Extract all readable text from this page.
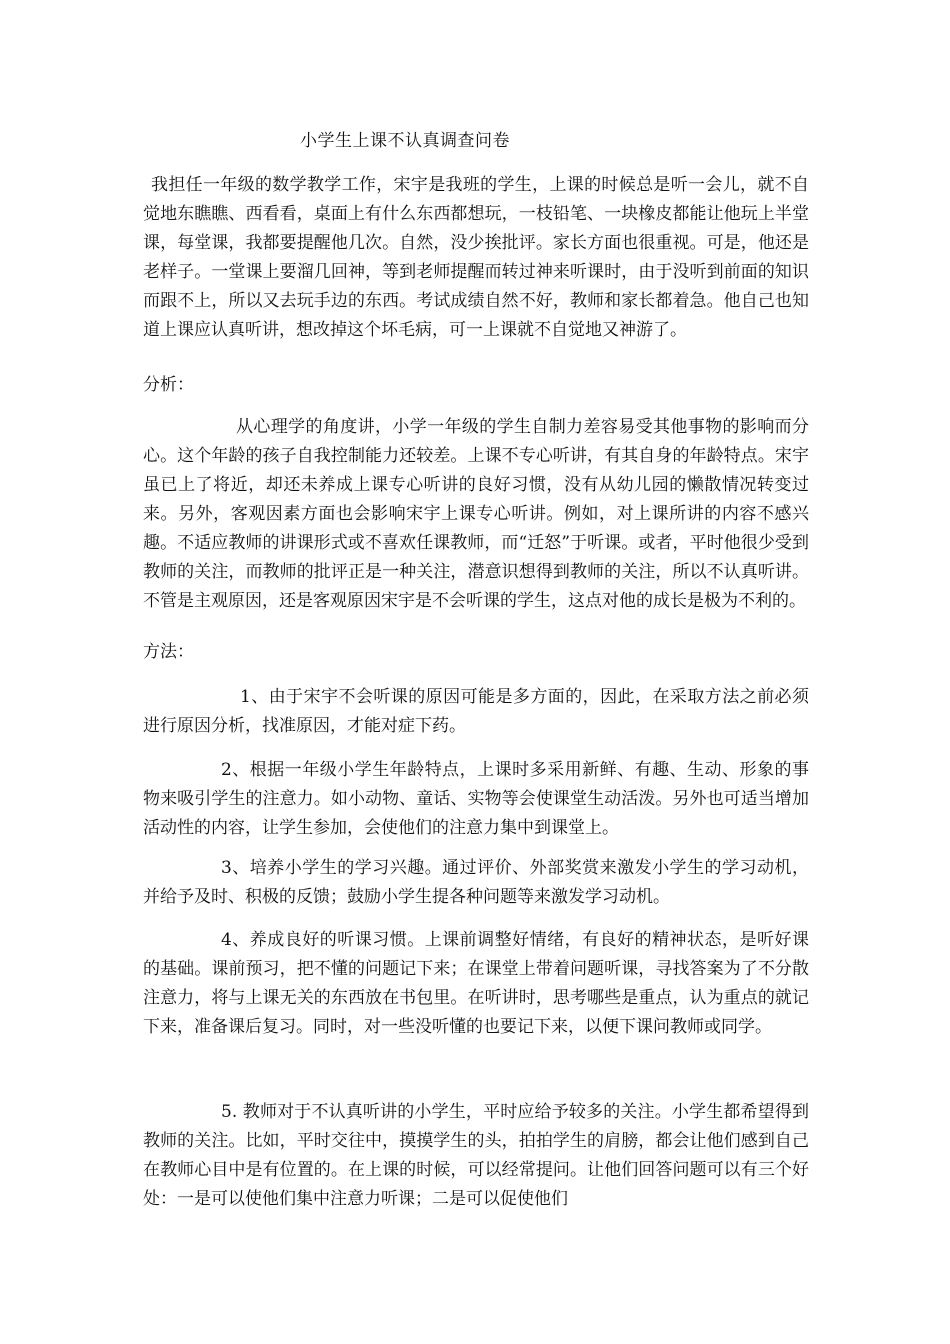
小学生上课不认真调查问卷

我担任一年级的数学教学工作，宋宇是我班的学生，上课的时候总是听一会儿，就不自觉地东瞧瞧、西看看，桌面上有什么东西都想玩，一枝铅笔、一块橡皮都能让他玩上半堂课，每堂课，我都要提醒他几次。自然，没少挨批评。家长方面也很重视。可是，他还是老样子。一堂课上要溜几回神，等到老师提醒而转过神来听课时，由于没听到前面的知识而跟不上，所以又去玩手边的东西。考试成绩自然不好，教师和家长都着急。他自己也知道上课应认真听讲，想改掉这个坏毛病，可一上课就不自觉地又神游了。

分析：

从心理学的角度讲，小学一年级的学生自制力差容易受其他事物的影响而分心。这个年龄的孩子自我控制能力还较差。上课不专心听讲，有其自身的年龄特点。宋宇虽已上了将近，却还未养成上课专心听讲的良好习惯，没有从幼儿园的懒散情况转变过来。另外，客观因素方面也会影响宋宇上课专心听讲。例如，对上课所讲的内容不感兴趣。不适应教师的讲课形式或不喜欢任课教师，而“迁怒”于听课。或者，平时他很少受到教师的关注，而教师的批评正是一种关注，潜意识想得到教师的关注，所以不认真听讲。不管是主观原因，还是客观原因宋宇是不会听课的学生，这点对他的成长是极为不利的。

方法：

1、由于宋宇不会听课的原因可能是多方面的，因此，在采取方法之前必须进行原因分析，找准原因，才能对症下药。

2、根据一年级小学生年龄特点，上课时多采用新鲜、有趣、生动、形象的事物来吸引学生的注意力。如小动物、童话、实物等会使课堂生动活泼。另外也可适当增加活动性的内容，让学生参加，会使他们的注意力集中到课堂上。

3、培养小学生的学习兴趣。通过评价、外部奖赏来激发小学生的学习动机，并给予及时、积极的反馈；鼓励小学生提各种问题等来激发学习动机。

4、养成良好的听课习惯。上课前调整好情绪，有良好的精神状态，是听好课的基础。课前预习，把不懂的问题记下来；在课堂上带着问题听课，寻找答案为了不分散注意力，将与上课无关的东西放在书包里。在听讲时，思考哪些是重点，认为重点的就记下来，准备课后复习。同时，对一些没听懂的也要记下来，以便下课问教师或同学。

5. 教师对于不认真听讲的小学生，平时应给予较多的关注。小学生都希望得到教师的关注。比如，平时交往中，摸摸学生的头，拍拍学生的肩膀，都会让他们感到自己在教师心目中是有位置的。在上课的时候，可以经常提问。让他们回答问题可以有三个好处：一是可以使他们集中注意力听课；二是可以促使他们
